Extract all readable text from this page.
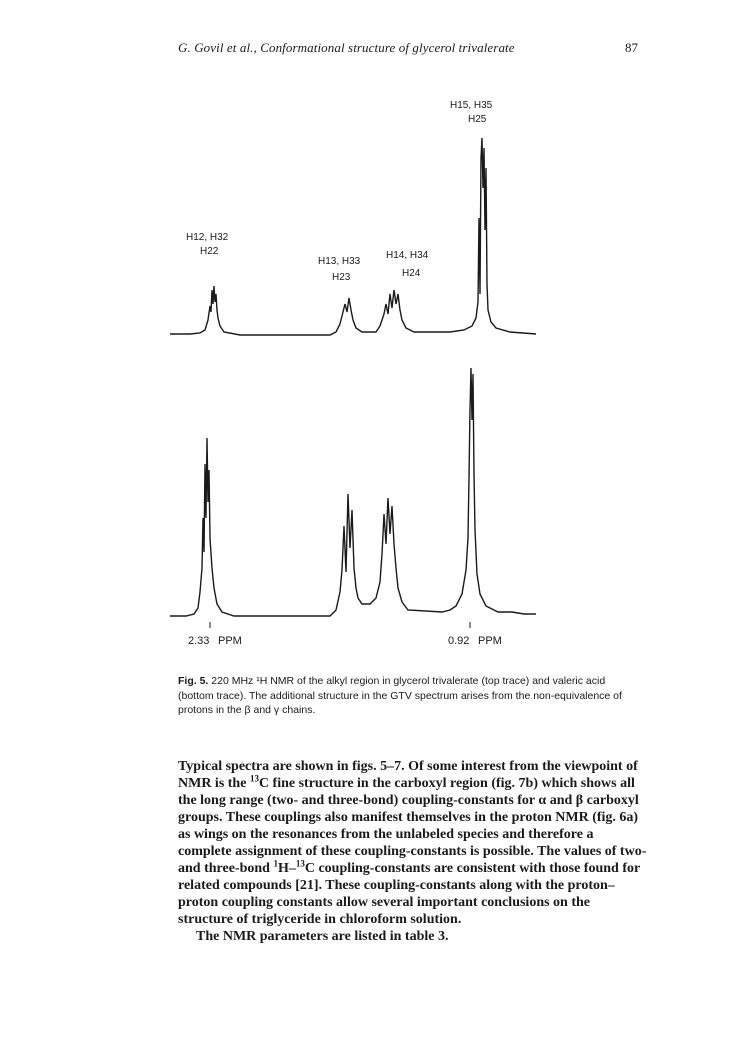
G. Govil et al., Conformational structure of glycerol trivalerate	87
H15, H35
H25
H12, H32
H22
H13, H33
H23
H14, H34
H24
2.33 PPM	0.92 PPM
Fig. 5. 220 MHz ¹H NMR of the alkyl region in glycerol trivalerate (top trace) and valeric acid (bottom trace). The additional structure in the GTV spectrum arises from the non-equivalence of protons in the β and γ chains.

Typical spectra are shown in figs. 5–7. Of some interest from the viewpoint of NMR is the $^{13}$C fine structure in the carboxyl region (fig. 7b) which shows all the long range (two- and three-bond) coupling-constants for α and β carboxyl groups. These couplings also manifest themselves in the proton NMR (fig. 6a) as wings on the resonances from the unlabeled species and therefore a complete assignment of these coupling-constants is possible. The values of two- and three-bond $^1$H–$^{13}$C coupling-constants are consistent with those found for related compounds [21]. These coupling-constants along with the proton–proton coupling constants allow several important conclusions on the structure of triglyceride in chloroform solution.

The NMR parameters are listed in table 3.
